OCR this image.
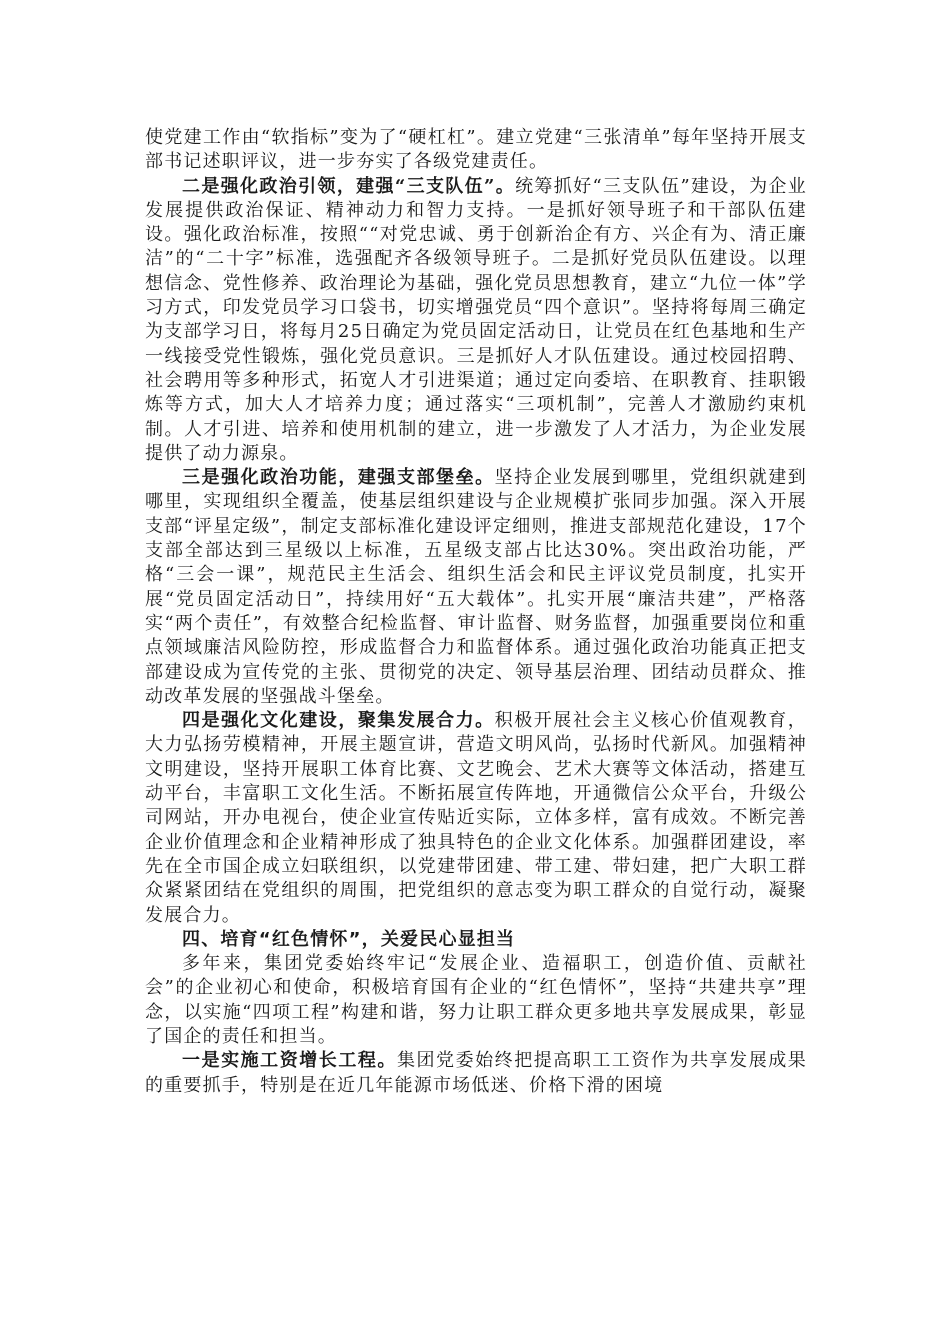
使党建工作由“软指标”变为了“硬杠杠”。建立党建“三张清单”每年坚持开展支部书记述职评议，进一步夯实了各级党建责任。

二是强化政治引领，建强“三支队伍”。统筹抓好“三支队伍”建设，为企业发展提供政治保证、精神动力和智力支持。一是抓好领导班子和干部队伍建设。强化政治标准，按照““对党忠诚、勇于创新治企有方、兴企有为、清正廉洁”的“二十字”标准，选强配齐各级领导班子。二是抓好党员队伍建设。以理想信念、党性修养、政治理论为基础，强化党员思想教育，建立“九位一体”学习方式，印发党员学习口袋书，切实增强党员“四个意识”。坚持将每周三确定为支部学习日，将每月25日确定为党员固定活动日，让党员在红色基地和生产一线接受党性锻炼，强化党员意识。三是抓好人才队伍建设。通过校园招聘、社会聘用等多种形式，拓宽人才引进渠道；通过定向委培、在职教育、挂职锻炼等方式，加大人才培养力度；通过落实“三项机制”，完善人才激励约束机制。人才引进、培养和使用机制的建立，进一步激发了人才活力，为企业发展提供了动力源泉。

三是强化政治功能，建强支部堡垒。坚持企业发展到哪里，党组织就建到哪里，实现组织全覆盖，使基层组织建设与企业规模扩张同步加强。深入开展支部“评星定级”，制定支部标准化建设评定细则，推进支部规范化建设，17个支部全部达到三星级以上标准，五星级支部占比达30%。突出政治功能，严格“三会一课”，规范民主生活会、组织生活会和民主评议党员制度，扎实开展“党员固定活动日”，持续用好“五大载体”。扎实开展“廉洁共建”，严格落实“两个责任”，有效整合纪检监督、审计监督、财务监督，加强重要岗位和重点领域廉洁风险防控，形成监督合力和监督体系。通过强化政治功能真正把支部建设成为宣传党的主张、贯彻党的决定、领导基层治理、团结动员群众、推动改革发展的坚强战斗堡垒。

四是强化文化建设，聚集发展合力。积极开展社会主义核心价值观教育，大力弘扬劳模精神，开展主题宣讲，营造文明风尚，弘扬时代新风。加强精神文明建设，坚持开展职工体育比赛、文艺晚会、艺术大赛等文体活动，搭建互动平台，丰富职工文化生活。不断拓展宣传阵地，开通微信公众平台，升级公司网站，开办电视台，使企业宣传贴近实际，立体多样，富有成效。不断完善企业价值理念和企业精神形成了独具特色的企业文化体系。加强群团建设，率先在全市国企成立妇联组织，以党建带团建、带工建、带妇建，把广大职工群众紧紧团结在党组织的周围，把党组织的意志变为职工群众的自觉行动，凝聚发展合力。

四、培育“红色情怀”，关爱民心显担当

多年来，集团党委始终牢记“发展企业、造福职工，创造价值、贡献社会”的企业初心和使命，积极培育国有企业的“红色情怀”，坚持“共建共享”理念，以实施“四项工程”构建和谐，努力让职工群众更多地共享发展成果，彰显了国企的责任和担当。

一是实施工资增长工程。集团党委始终把提高职工工资作为共享发展成果的重要抓手，特别是在近几年能源市场低迷、价格下滑的困境
